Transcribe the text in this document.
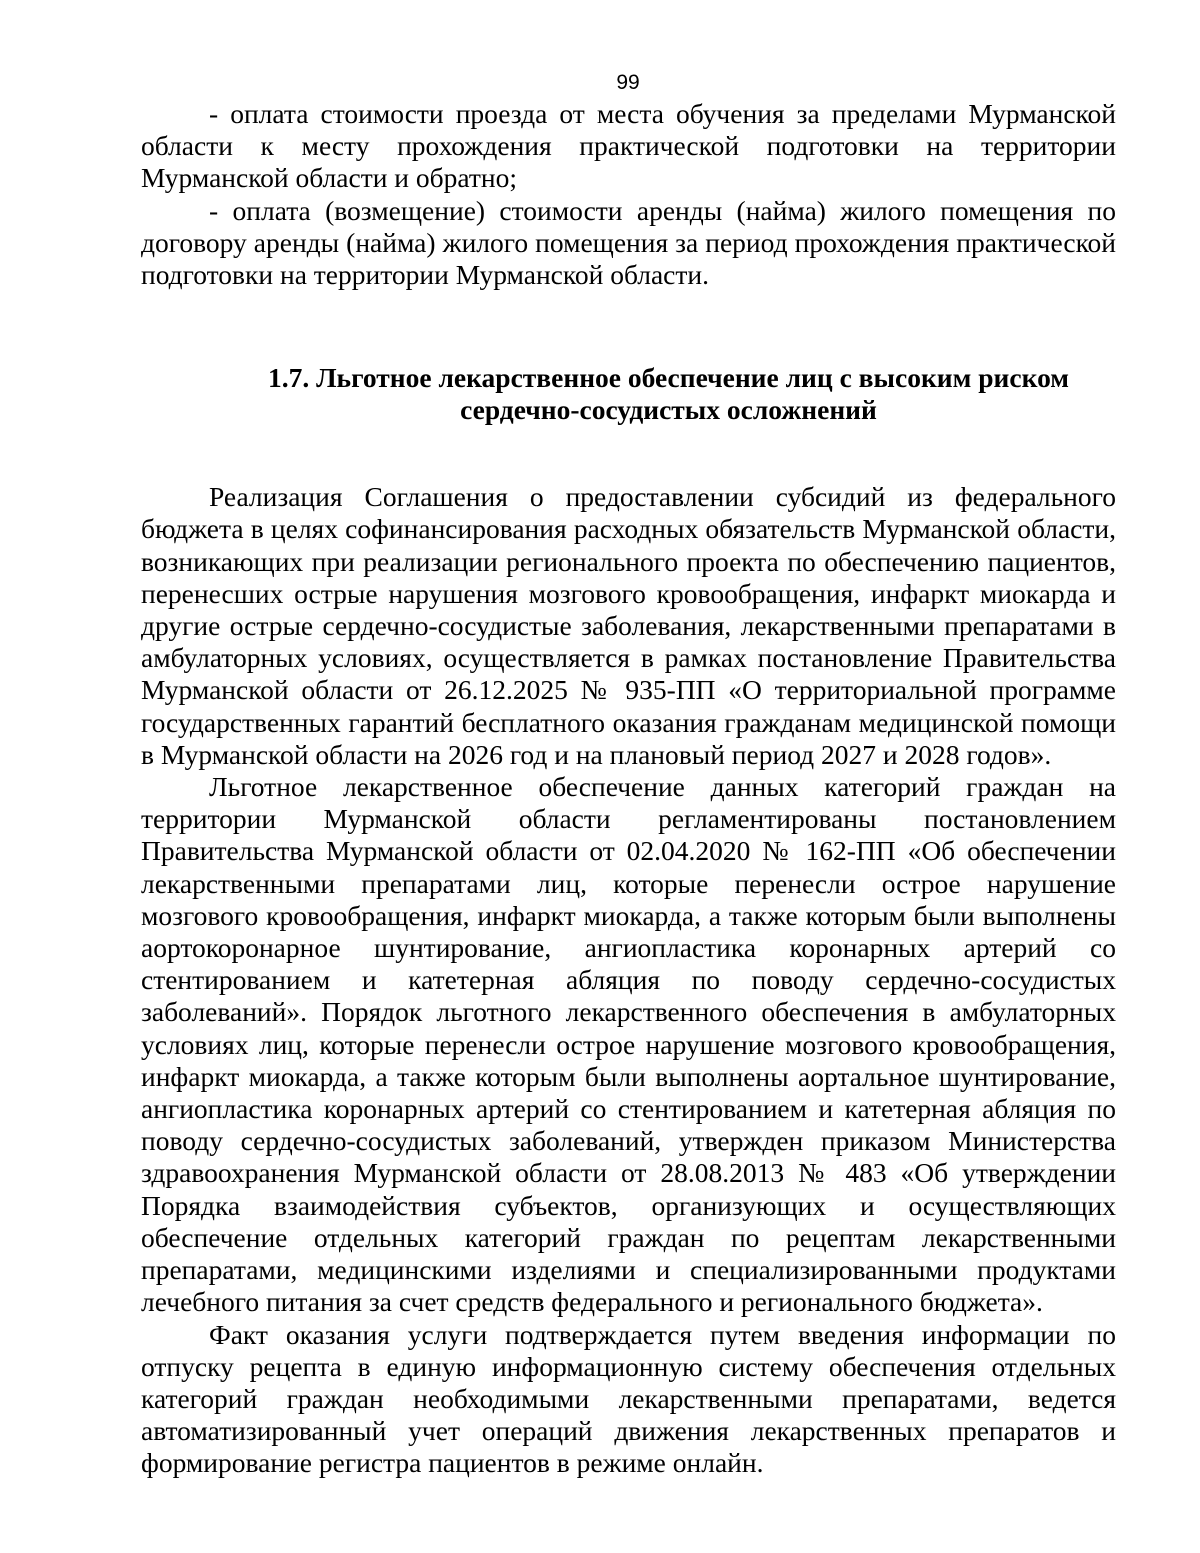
99

- оплата стоимости проезда от места обучения за пределами Мурманской области к месту прохождения практической подготовки на территории Мурманской области и обратно;

- оплата (возмещение) стоимости аренды (найма) жилого помещения по договору аренды (найма) жилого помещения за период прохождения практической подготовки на территории Мурманской области.

1.7. Льготное лекарственное обеспечение лиц с высоким риском
сердечно-сосудистых осложнений

Реализация Соглашения о предоставлении субсидий из федерального бюджета в целях софинансирования расходных обязательств Мурманской области, возникающих при реализации регионального проекта по обеспечению пациентов, перенесших острые нарушения мозгового кровообращения, инфаркт миокарда и другие острые сердечно-сосудистые заболевания, лекарственными препаратами в амбулаторных условиях, осуществляется в рамках постановление Правительства Мурманской области от 26.12.2025 № 935-ПП «О территориальной программе государственных гарантий бесплатного оказания гражданам медицинской помощи в Мурманской области на 2026 год и на плановый период 2027 и 2028 годов».

Льготное лекарственное обеспечение данных категорий граждан на территории Мурманской области регламентированы постановлением Правительства Мурманской области от 02.04.2020 № 162-ПП «Об обеспечении лекарственными препаратами лиц, которые перенесли острое нарушение мозгового кровообращения, инфаркт миокарда, а также которым были выполнены аортокоронарное шунтирование, ангиопластика коронарных артерий со стентированием и катетерная абляция по поводу сердечно-сосудистых заболеваний». Порядок льготного лекарственного обеспечения в амбулаторных условиях лиц, которые перенесли острое нарушение мозгового кровообращения, инфаркт миокарда, а также которым были выполнены аортальное шунтирование, ангиопластика коронарных артерий со стентированием и катетерная абляция по поводу сердечно-сосудистых заболеваний, утвержден приказом Министерства здравоохранения Мурманской области от 28.08.2013 № 483 «Об утверждении Порядка взаимодействия субъектов, организующих и осуществляющих обеспечение отдельных категорий граждан по рецептам лекарственными препаратами, медицинскими изделиями и специализированными продуктами лечебного питания за счет средств федерального и регионального бюджета».

Факт оказания услуги подтверждается путем введения информации по отпуску рецепта в единую информационную систему обеспечения отдельных категорий граждан необходимыми лекарственными препаратами, ведется автоматизированный учет операций движения лекарственных препаратов и формирование регистра пациентов в режиме онлайн.
